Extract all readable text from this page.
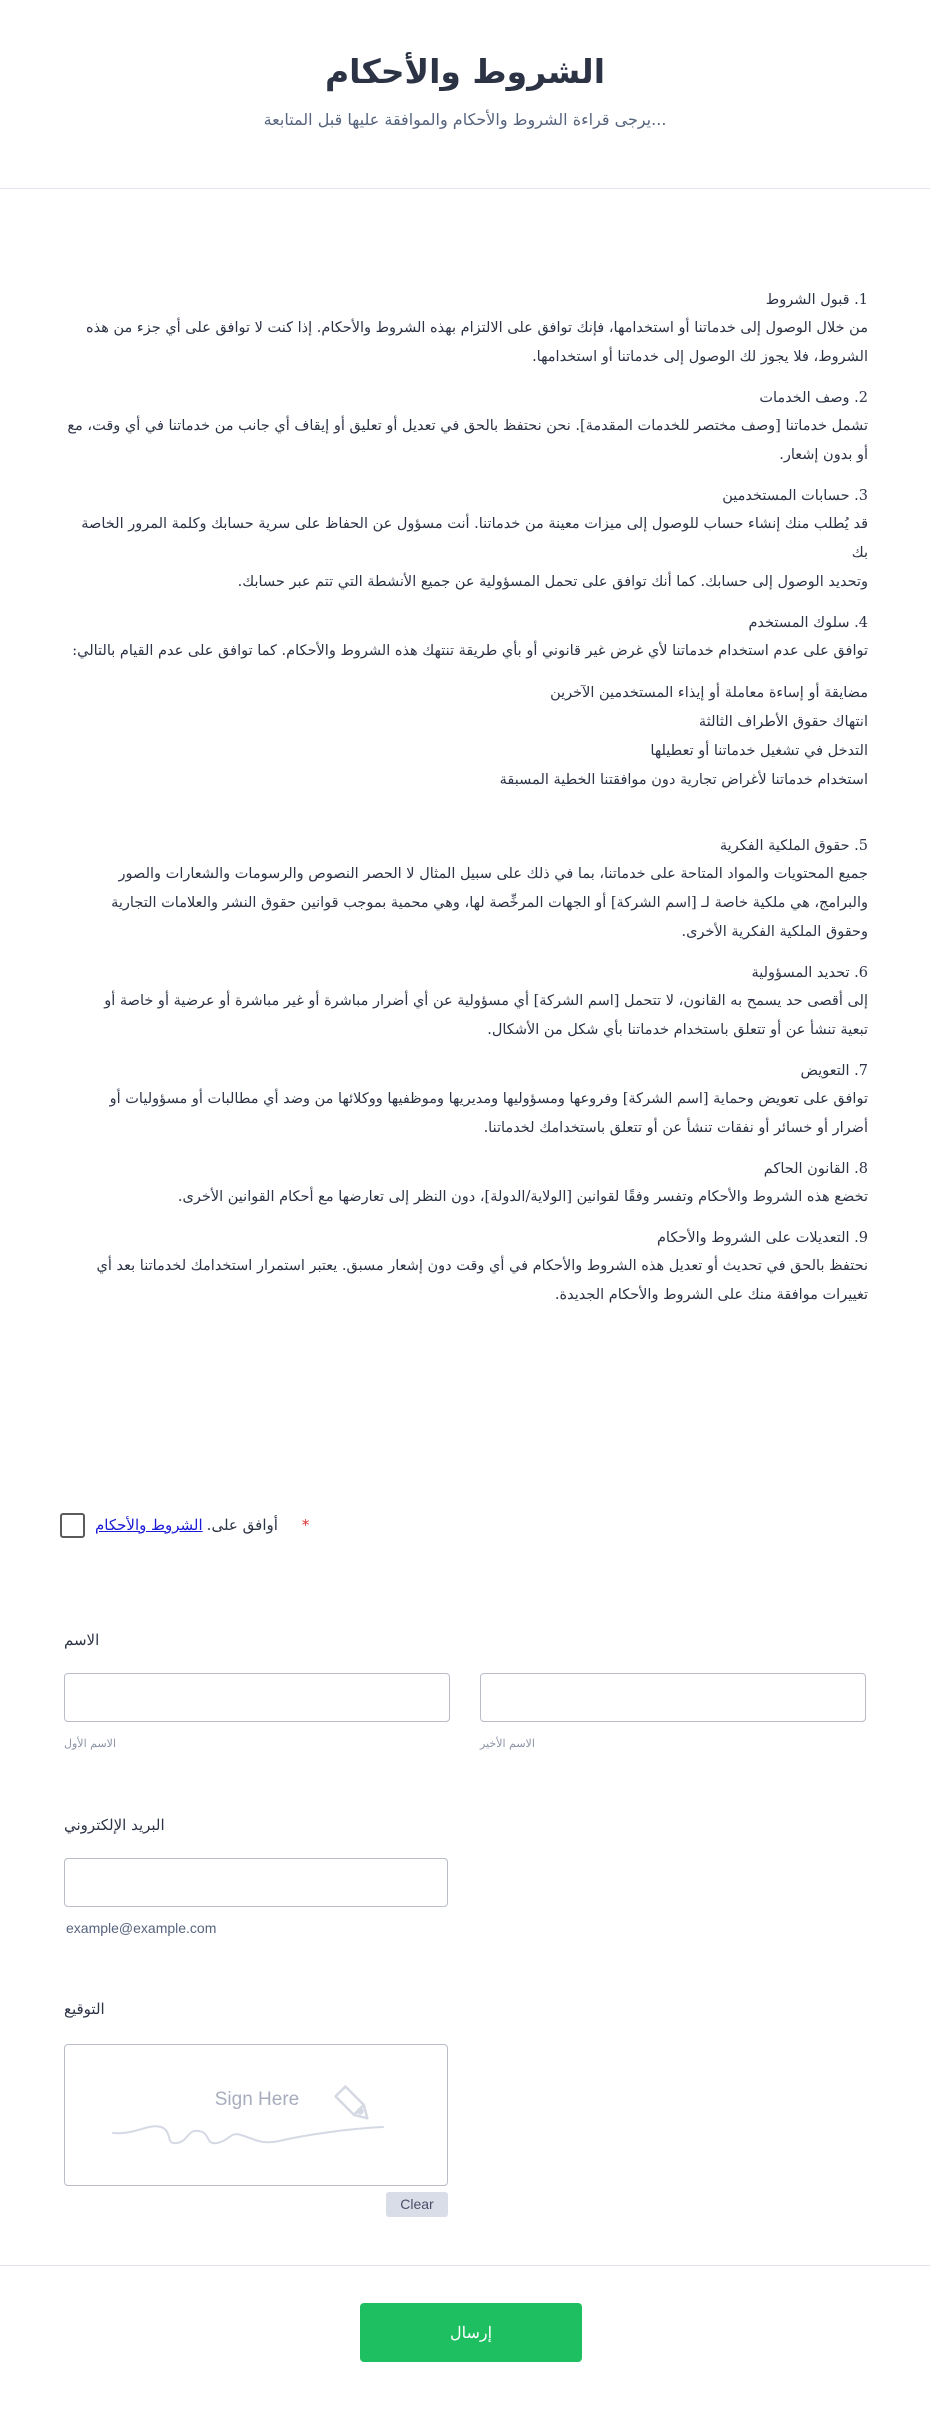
الشروط والأحكام
يرجى قراءة الشروط والأحكام والموافقة عليها قبل المتابعة...
1. قبول الشروط
من خلال الوصول إلى خدماتنا أو استخدامها، فإنك توافق على الالتزام بهذه الشروط والأحكام. إذا كنت لا توافق على أي جزء من هذه
الشروط، فلا يجوز لك الوصول إلى خدماتنا أو استخدامها.
2. وصف الخدمات
تشمل خدماتنا [وصف مختصر للخدمات المقدمة]. نحن نحتفظ بالحق في تعديل أو تعليق أو إيقاف أي جانب من خدماتنا في أي وقت، مع
أو بدون إشعار.
3. حسابات المستخدمين
قد يُطلب منك إنشاء حساب للوصول إلى ميزات معينة من خدماتنا. أنت مسؤول عن الحفاظ على سرية حسابك وكلمة المرور الخاصة بك
وتحديد الوصول إلى حسابك. كما أنك توافق على تحمل المسؤولية عن جميع الأنشطة التي تتم عبر حسابك.
4. سلوك المستخدم
توافق على عدم استخدام خدماتنا لأي غرض غير قانوني أو بأي طريقة تنتهك هذه الشروط والأحكام. كما توافق على عدم القيام بالتالي:
مضايقة أو إساءة معاملة أو إيذاء المستخدمين الآخرين
انتهاك حقوق الأطراف الثالثة
التدخل في تشغيل خدماتنا أو تعطيلها
استخدام خدماتنا لأغراض تجارية دون موافقتنا الخطية المسبقة
5. حقوق الملكية الفكرية
جميع المحتويات والمواد المتاحة على خدماتنا، بما في ذلك على سبيل المثال لا الحصر النصوص والرسومات والشعارات والصور
والبرامج، هي ملكية خاصة لـ [اسم الشركة] أو الجهات المرخِّصة لها، وهي محمية بموجب قوانين حقوق النشر والعلامات التجارية
وحقوق الملكية الفكرية الأخرى.
6. تحديد المسؤولية
إلى أقصى حد يسمح به القانون، لا تتحمل [اسم الشركة] أي مسؤولية عن أي أضرار مباشرة أو غير مباشرة أو عرضية أو خاصة أو
تبعية تنشأ عن أو تتعلق باستخدام خدماتنا بأي شكل من الأشكال.
7. التعويض
توافق على تعويض وحماية [اسم الشركة] وفروعها ومسؤوليها ومديريها وموظفيها ووكلائها من وضد أي مطالبات أو مسؤوليات أو
أضرار أو خسائر أو نفقات تنشأ عن أو تتعلق باستخدامك لخدماتنا.
8. القانون الحاكم
تخضع هذه الشروط والأحكام وتفسر وفقًا لقوانين [الولاية/الدولة]، دون النظر إلى تعارضها مع أحكام القوانين الأخرى.
9. التعديلات على الشروط والأحكام
نحتفظ بالحق في تحديث أو تعديل هذه الشروط والأحكام في أي وقت دون إشعار مسبق. يعتبر استمرار استخدامك لخدماتنا بعد أي
تغييرات موافقة منك على الشروط والأحكام الجديدة.
الشروط والأحكام .أوافق على *
الاسم
الاسم الأول	الاسم الأخير
البريد الإلكتروني
example@example.com
التوقيع
Sign Here
Clear
إرسال
